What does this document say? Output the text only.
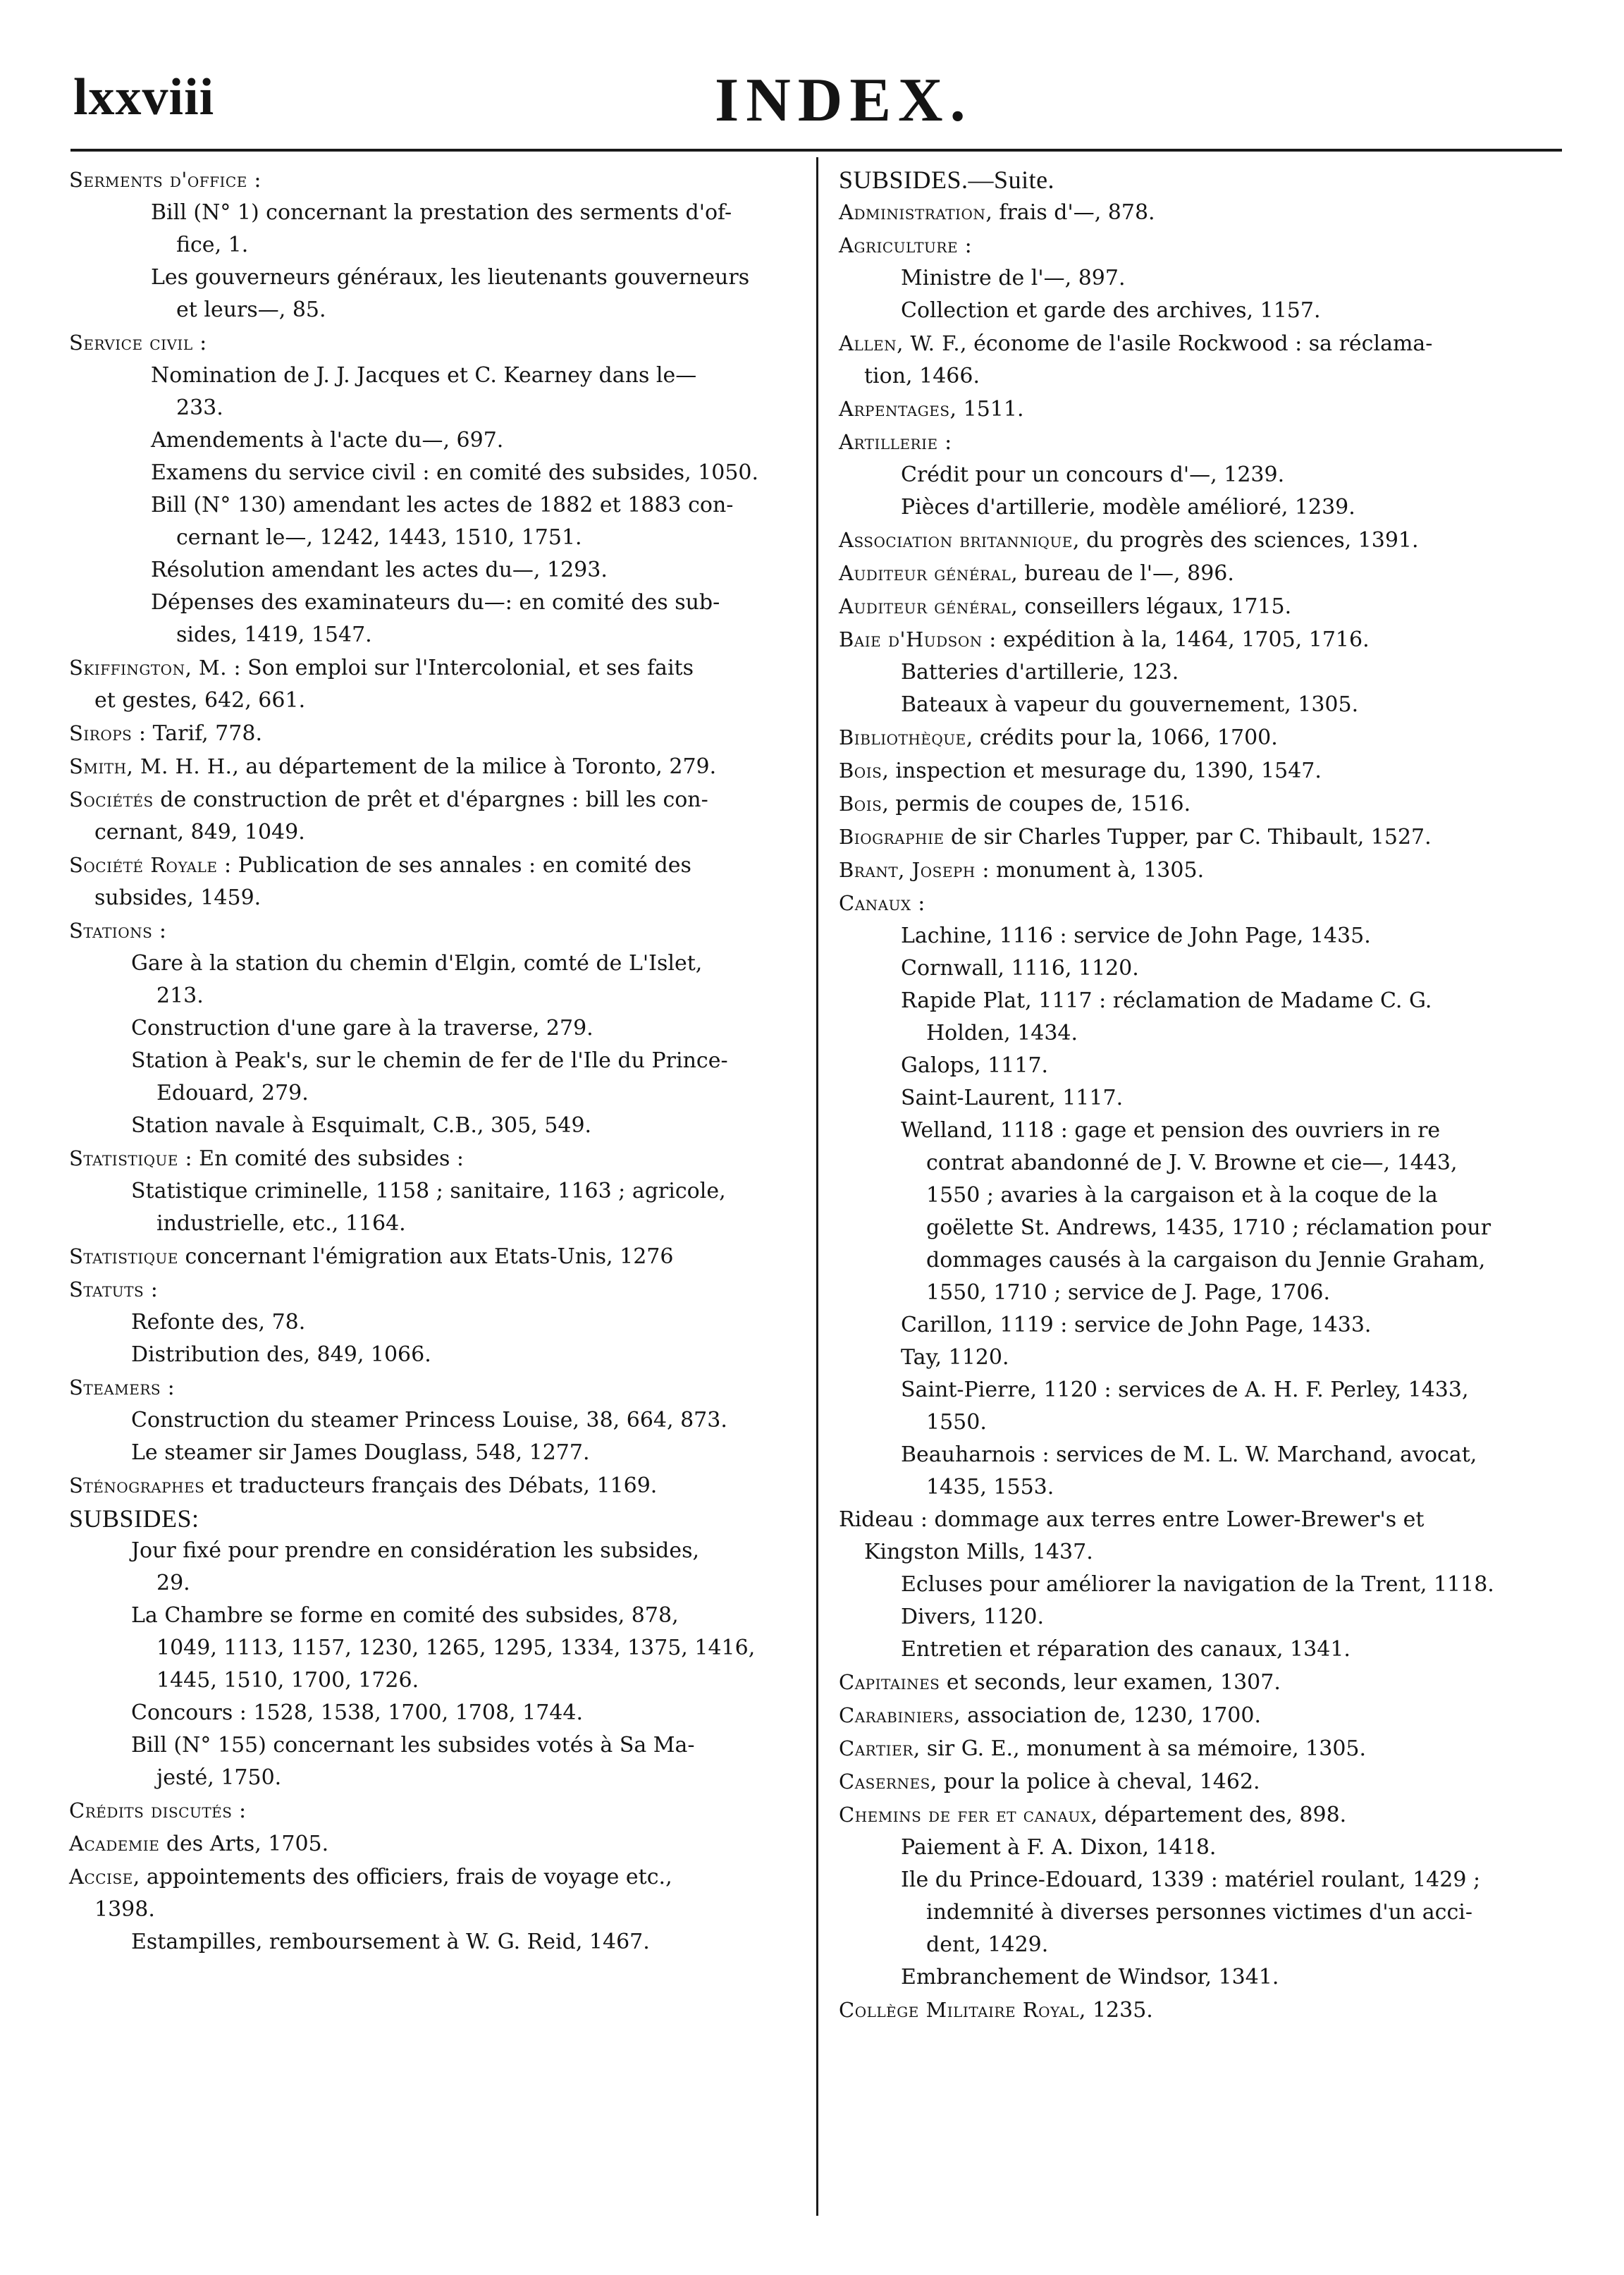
lxxviii	INDEX.
Serments d'office :
Bill (N° 1) concernant la prestation des serments d'of-
fice, 1.
Les gouverneurs généraux, les lieutenants gouverneurs
et leurs—, 85.
Service civil :
Nomination de J. J. Jacques et C. Kearney dans le—
233.
Amendements à l'acte du—, 697.
Examens du service civil : en comité des subsides, 1050.
Bill (N° 130) amendant les actes de 1882 et 1883 con-
cernant le—, 1242, 1443, 1510, 1751.
Résolution amendant les actes du—, 1293.
Dépenses des examinateurs du—: en comité des sub-
sides, 1419, 1547.
Skiffington, M. : Son emploi sur l'Intercolonial, et ses faits
et gestes, 642, 661.
Sirops : Tarif, 778.
Smith, M. H. H., au département de la milice à Toronto, 279.
Sociétés de construction de prêt et d'épargnes : bill les con-
cernant, 849, 1049.
Société Royale : Publication de ses annales : en comité des
subsides, 1459.
Stations :
Gare à la station du chemin d'Elgin, comté de L'Islet,
213.
Construction d'une gare à la traverse, 279.
Station à Peak's, sur le chemin de fer de l'Ile du Prince-
Edouard, 279.
Station navale à Esquimalt, C.B., 305, 549.
Statistique : En comité des subsides :
Statistique criminelle, 1158 ; sanitaire, 1163 ; agricole,
industrielle, etc., 1164.
Statistique concernant l'émigration aux Etats-Unis, 1276
Statuts :
Refonte des, 78.
Distribution des, 849, 1066.
Steamers :
Construction du steamer Princess Louise, 38, 664, 873.
Le steamer sir James Douglass, 548, 1277.
Sténographes et traducteurs français des Débats, 1169.
SUBSIDES:
Jour fixé pour prendre en considération les subsides,
29.
La Chambre se forme en comité des subsides, 878,
1049, 1113, 1157, 1230, 1265, 1295, 1334, 1375, 1416,
1445, 1510, 1700, 1726.
Concours : 1528, 1538, 1700, 1708, 1744.
Bill (N° 155) concernant les subsides votés à Sa Ma-
jesté, 1750.
Crédits discutés :
Academie des Arts, 1705.
Accise, appointements des officiers, frais de voyage etc.,
1398.
Estampilles, remboursement à W. G. Reid, 1467.
SUBSIDES.—Suite.
Administration, frais d'—, 878.
Agriculture :
Ministre de l'—, 897.
Collection et garde des archives, 1157.
Allen, W. F., économe de l'asile Rockwood : sa réclama-
tion, 1466.
Arpentages, 1511.
Artillerie :
Crédit pour un concours d'—, 1239.
Pièces d'artillerie, modèle amélioré, 1239.
Association britannique, du progrès des sciences, 1391.
Auditeur général, bureau de l'—, 896.
Auditeur général, conseillers légaux, 1715.
Baie d'Hudson : expédition à la, 1464, 1705, 1716.
Batteries d'artillerie, 123.
Bateaux à vapeur du gouvernement, 1305.
Bibliothèque, crédits pour la, 1066, 1700.
Bois, inspection et mesurage du, 1390, 1547.
Bois, permis de coupes de, 1516.
Biographie de sir Charles Tupper, par C. Thibault, 1527.
Brant, Joseph : monument à, 1305.
Canaux :
Lachine, 1116 : service de John Page, 1435.
Cornwall, 1116, 1120.
Rapide Plat, 1117 : réclamation de Madame C. G.
Holden, 1434.
Galops, 1117.
Saint-Laurent, 1117.
Welland, 1118 : gage et pension des ouvriers in re
contrat abandonné de J. V. Browne et cie—, 1443,
1550 ; avaries à la cargaison et à la coque de la
goëlette St. Andrews, 1435, 1710 ; réclamation pour
dommages causés à la cargaison du Jennie Graham,
1550, 1710 ; service de J. Page, 1706.
Carillon, 1119 : service de John Page, 1433.
Tay, 1120.
Saint-Pierre, 1120 : services de A. H. F. Perley, 1433,
1550.
Beauharnois : services de M. L. W. Marchand, avocat,
1435, 1553.
Rideau : dommage aux terres entre Lower-Brewer's et
Kingston Mills, 1437.
Ecluses pour améliorer la navigation de la Trent, 1118.
Divers, 1120.
Entretien et réparation des canaux, 1341.
Capitaines et seconds, leur examen, 1307.
Carabiniers, association de, 1230, 1700.
Cartier, sir G. E., monument à sa mémoire, 1305.
Casernes, pour la police à cheval, 1462.
Chemins de fer et canaux, département des, 898.
Paiement à F. A. Dixon, 1418.
Ile du Prince-Edouard, 1339 : matériel roulant, 1429 ;
indemnité à diverses personnes victimes d'un acci-
dent, 1429.
Embranchement de Windsor, 1341.
Collège Militaire Royal, 1235.
